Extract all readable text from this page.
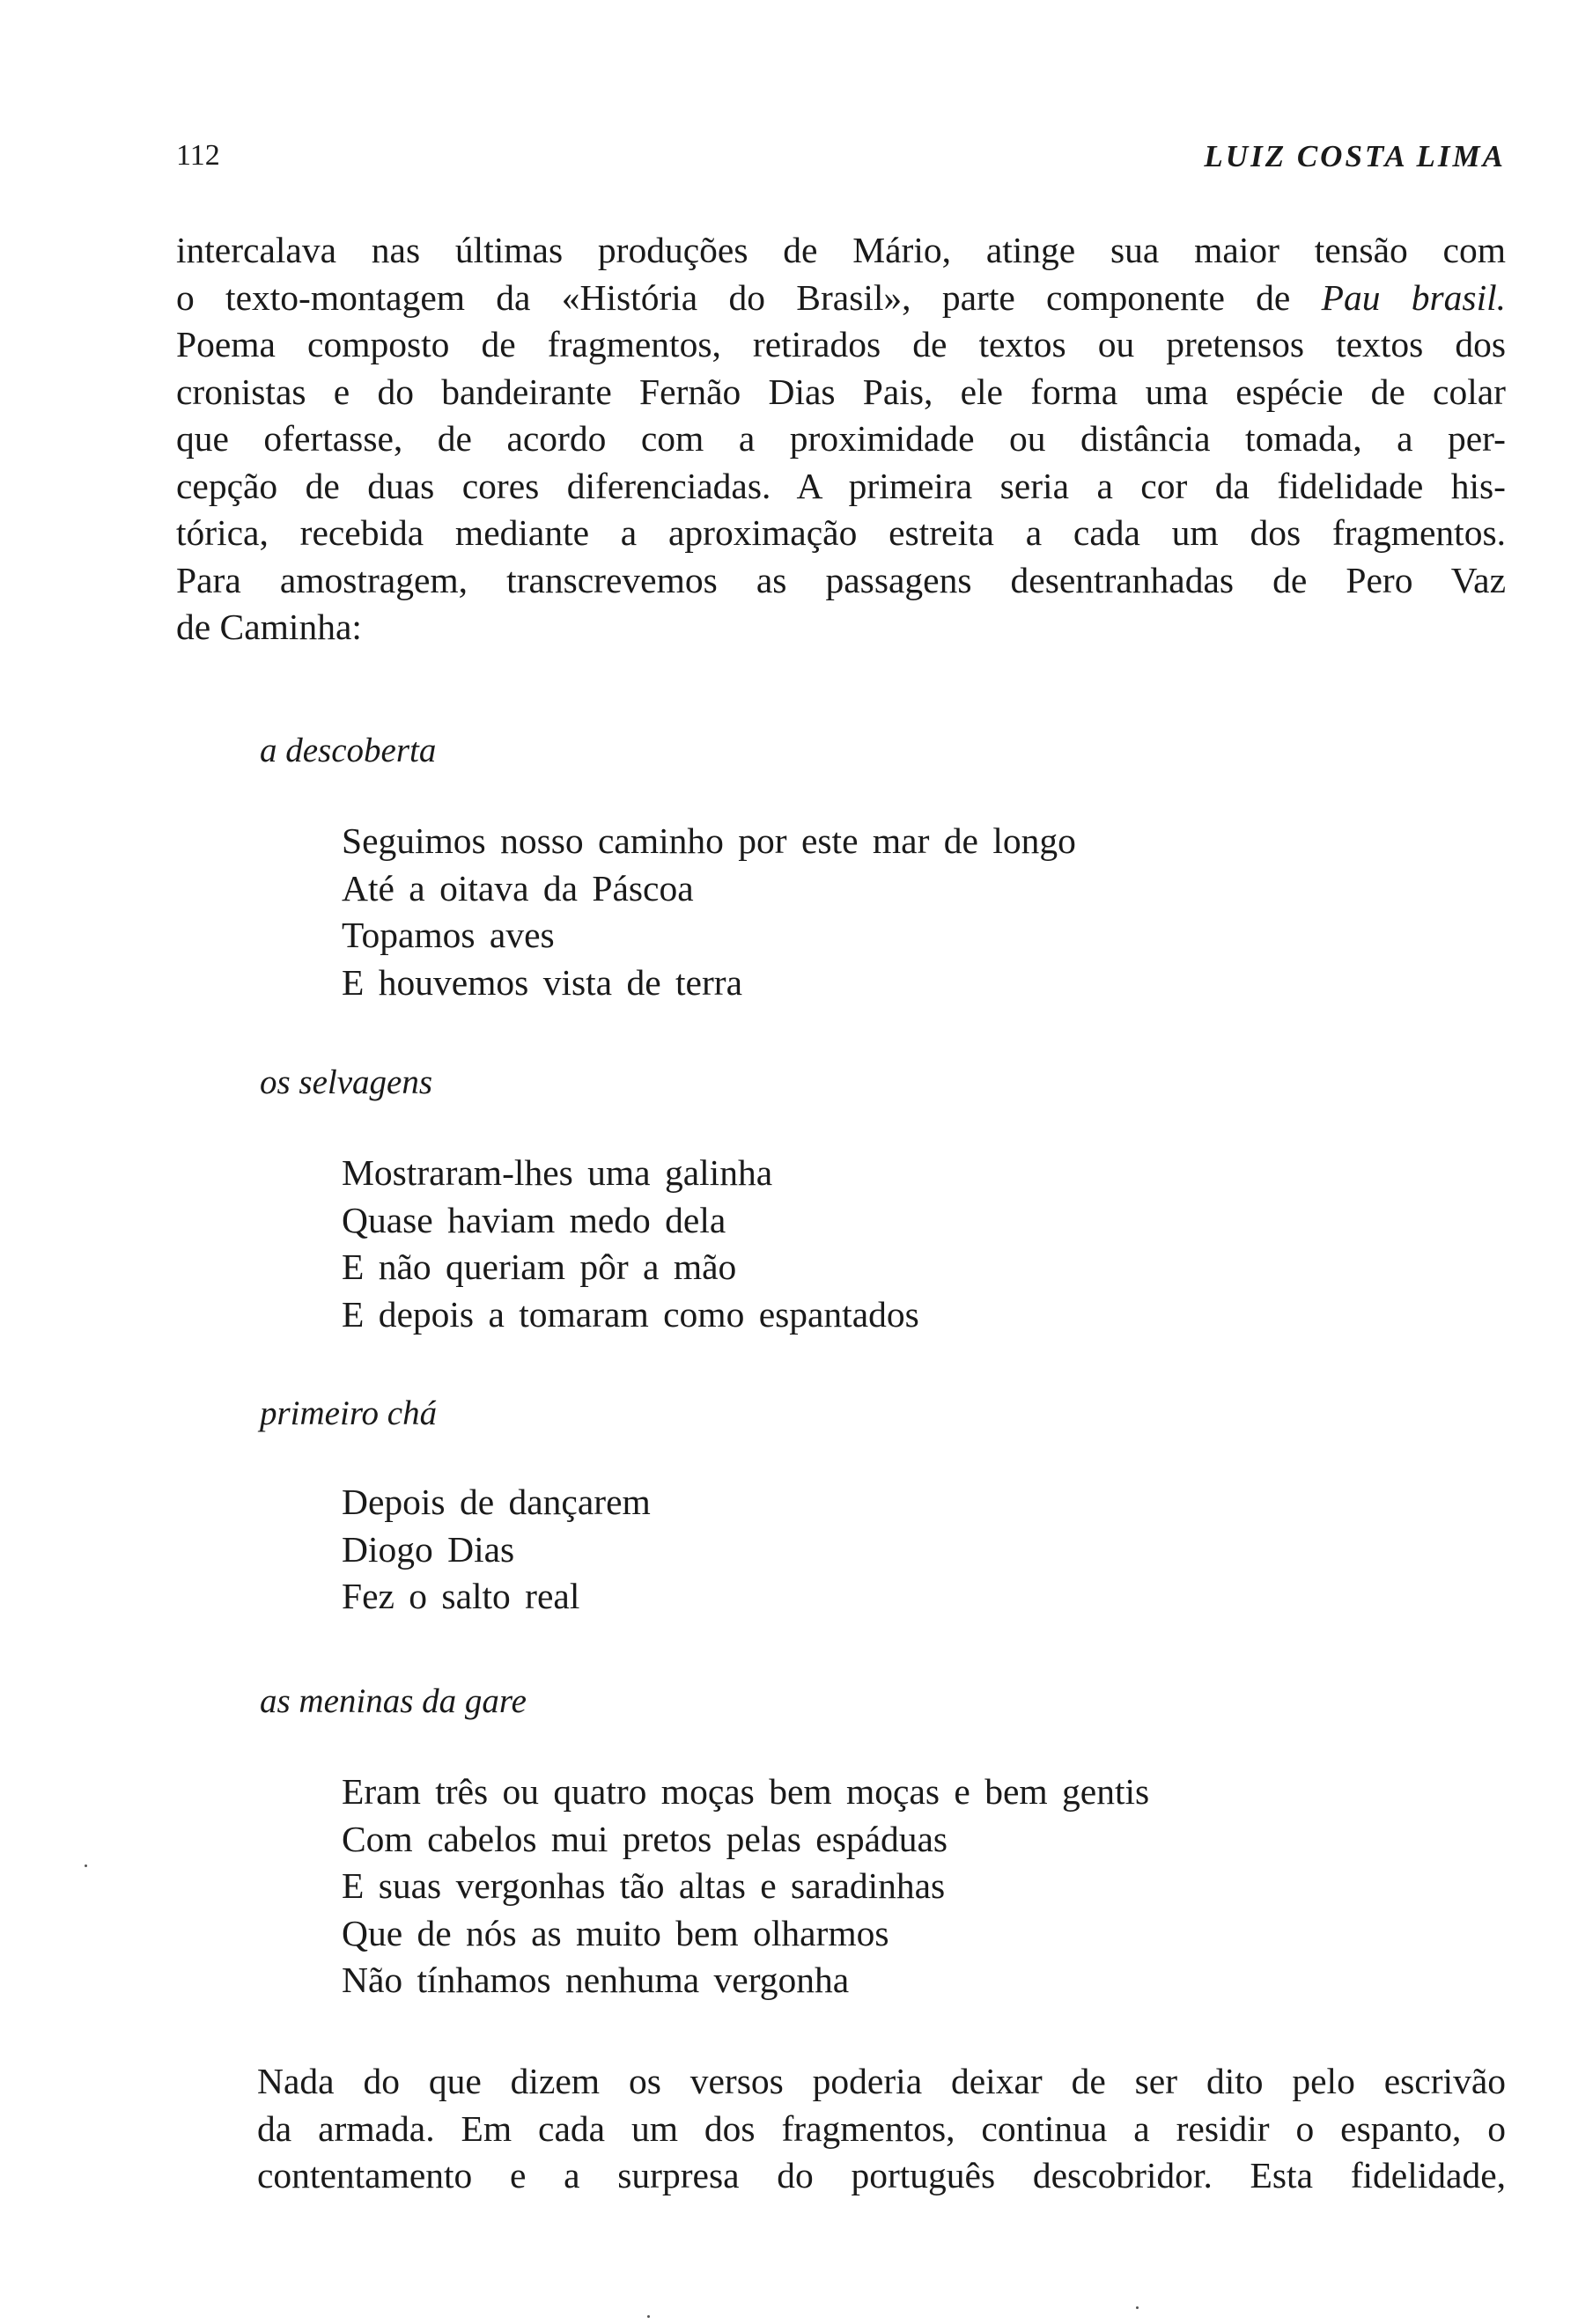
112	LUIZ COSTA LIMA

intercalava nas últimas produções de Mário, atinge sua maior tensão com
o texto-montagem da «História do Brasil», parte componente de Pau brasil.
Poema composto de fragmentos, retirados de textos ou pretensos textos dos
cronistas e do bandeirante Fernão Dias Pais, ele forma uma espécie de colar
que ofertasse, de acordo com a proximidade ou distância tomada, a per-
cepção de duas cores diferenciadas. A primeira seria a cor da fidelidade his-
tórica, recebida mediante a aproximação estreita a cada um dos fragmentos.
Para amostragem, transcrevemos as passagens desentranhadas de Pero Vaz
de Caminha:

a descoberta

Seguimos nosso caminho por este mar de longo
Até a oitava da Páscoa
Topamos aves
E houvemos vista de terra

os selvagens

Mostraram-lhes uma galinha
Quase haviam medo dela
E não queriam pôr a mão
E depois a tomaram como espantados

primeiro chá

Depois de dançarem
Diogo Dias
Fez o salto real

as meninas da gare

Eram três ou quatro moças bem moças e bem gentis
Com cabelos mui pretos pelas espáduas
E suas vergonhas tão altas e saradinhas
Que de nós as muito bem olharmos
Não tínhamos nenhuma vergonha

Nada do que dizem os versos poderia deixar de ser dito pelo escrivão
da armada. Em cada um dos fragmentos, continua a residir o espanto, o
contentamento e a surpresa do português descobridor. Esta fidelidade,
